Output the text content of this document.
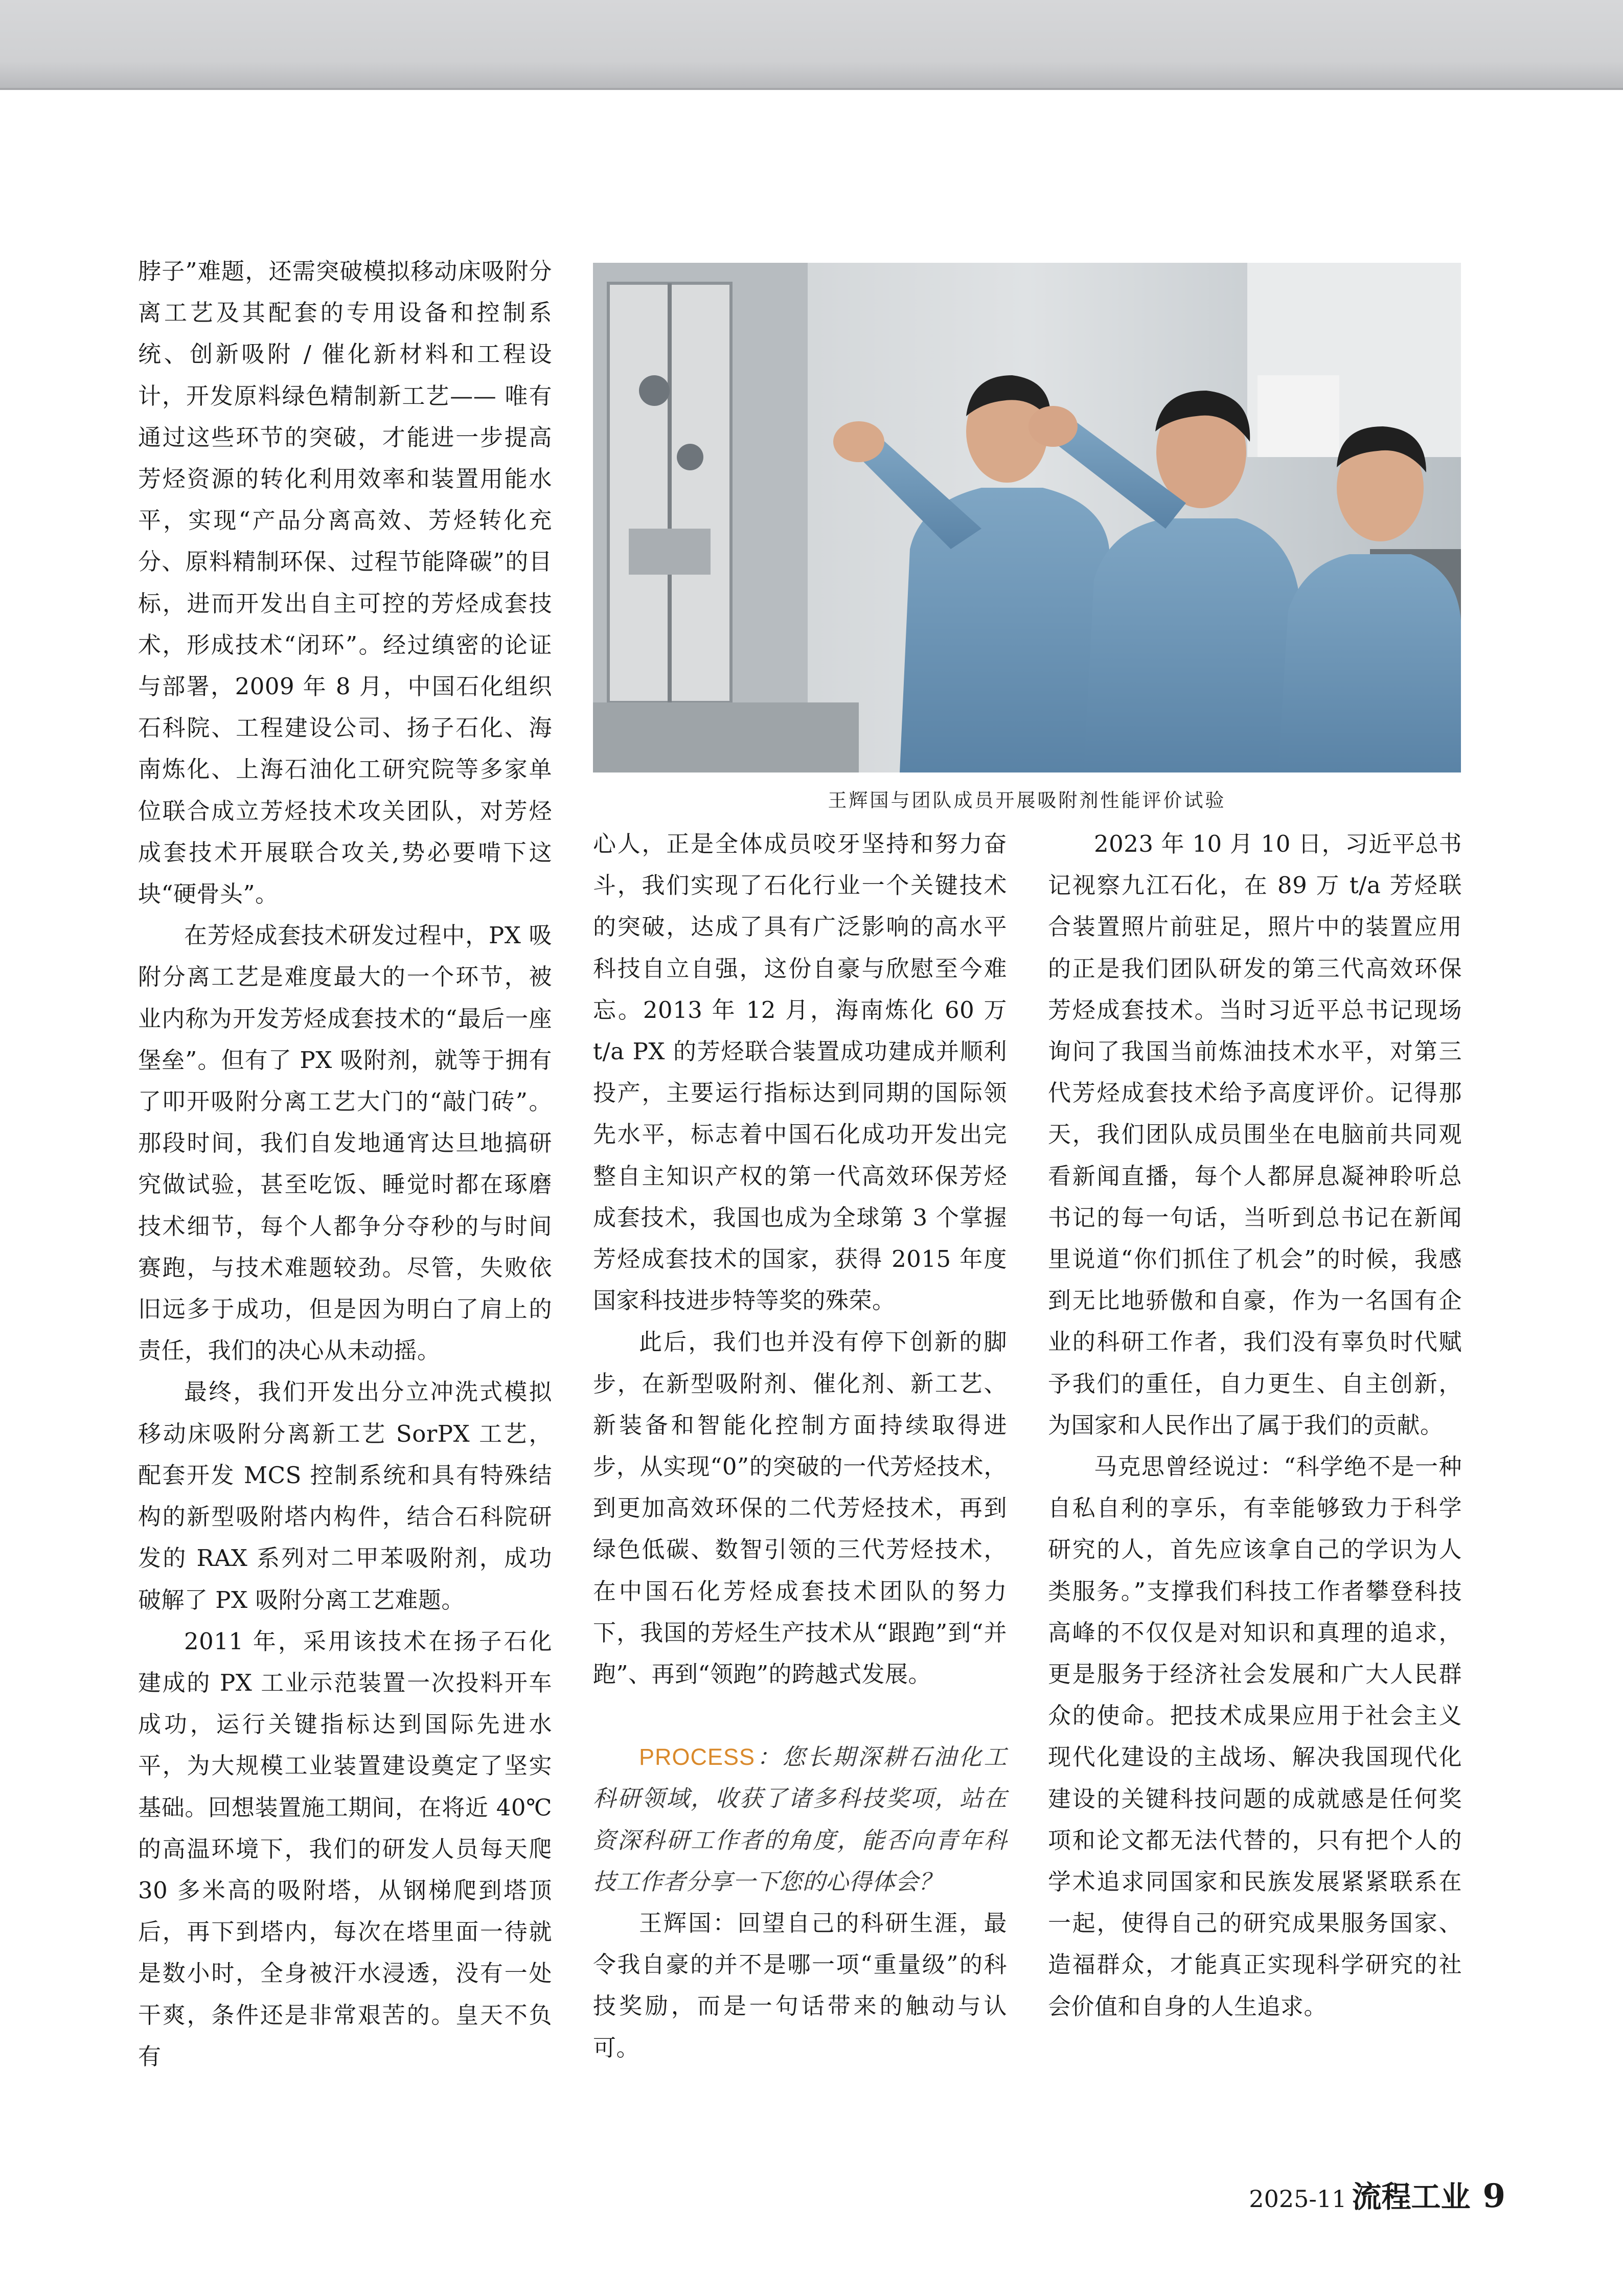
脖子”难题，还需突破模拟移动床吸附分离工艺及其配套的专用设备和控制系统、创新吸附 / 催化新材料和工程设计，开发原料绿色精制新工艺—— 唯有通过这些环节的突破，才能进一步提高芳烃资源的转化利用效率和装置用能水平，实现“产品分离高效、芳烃转化充分、原料精制环保、过程节能降碳”的目标，进而开发出自主可控的芳烃成套技术，形成技术“闭环”。经过缜密的论证与部署，2009 年 8 月，中国石化组织石科院、工程建设公司、扬子石化、海南炼化、上海石油化工研究院等多家单位联合成立芳烃技术攻关团队，对芳烃成套技术开展联合攻关,势必要啃下这块“硬骨头”。

在芳烃成套技术研发过程中，PX 吸附分离工艺是难度最大的一个环节，被业内称为开发芳烃成套技术的“最后一座堡垒”。但有了 PX 吸附剂，就等于拥有了叩开吸附分离工艺大门的“敲门砖”。那段时间，我们自发地通宵达旦地搞研究做试验，甚至吃饭、睡觉时都在琢磨技术细节，每个人都争分夺秒的与时间赛跑，与技术难题较劲。尽管，失败依旧远多于成功，但是因为明白了肩上的责任，我们的决心从未动摇。

最终，我们开发出分立冲洗式模拟移动床吸附分离新工艺 SorPX 工艺，配套开发 MCS 控制系统和具有特殊结构的新型吸附塔内构件，结合石科院研发的 RAX 系列对二甲苯吸附剂，成功破解了 PX 吸附分离工艺难题。

2011 年，采用该技术在扬子石化建成的 PX 工业示范装置一次投料开车成功，运行关键指标达到国际先进水平，为大规模工业装置建设奠定了坚实基础。回想装置施工期间，在将近 40℃的高温环境下，我们的研发人员每天爬 30 多米高的吸附塔，从钢梯爬到塔顶后，再下到塔内，每次在塔里面一待就是数小时，全身被汗水浸透，没有一处干爽，条件还是非常艰苦的。皇天不负有

王辉国与团队成员开展吸附剂性能评价试验

心人，正是全体成员咬牙坚持和努力奋斗，我们实现了石化行业一个关键技术的突破，达成了具有广泛影响的高水平科技自立自强，这份自豪与欣慰至今难忘。2013 年 12 月，海南炼化 60 万 t/a PX 的芳烃联合装置成功建成并顺利投产，主要运行指标达到同期的国际领先水平，标志着中国石化成功开发出完整自主知识产权的第一代高效环保芳烃成套技术，我国也成为全球第 3 个掌握芳烃成套技术的国家，获得 2015 年度国家科技进步特等奖的殊荣。

此后，我们也并没有停下创新的脚步，在新型吸附剂、催化剂、新工艺、新装备和智能化控制方面持续取得进步，从实现“0”的突破的一代芳烃技术，到更加高效环保的二代芳烃技术，再到绿色低碳、数智引领的三代芳烃技术，在中国石化芳烃成套技术团队的努力下，我国的芳烃生产技术从“跟跑”到“并跑”、再到“领跑”的跨越式发展。

PROCESS：您长期深耕石油化工科研领域，收获了诸多科技奖项，站在资深科研工作者的角度，能否向青年科技工作者分享一下您的心得体会？

王辉国：回望自己的科研生涯，最令我自豪的并不是哪一项“重量级”的科技奖励，而是一句话带来的触动与认可。

2023 年 10 月 10 日，习近平总书记视察九江石化，在 89 万 t/a 芳烃联合装置照片前驻足，照片中的装置应用的正是我们团队研发的第三代高效环保芳烃成套技术。当时习近平总书记现场询问了我国当前炼油技术水平，对第三代芳烃成套技术给予高度评价。记得那天，我们团队成员围坐在电脑前共同观看新闻直播，每个人都屏息凝神聆听总书记的每一句话，当听到总书记在新闻里说道“你们抓住了机会”的时候，我感到无比地骄傲和自豪，作为一名国有企业的科研工作者，我们没有辜负时代赋予我们的重任，自力更生、自主创新，为国家和人民作出了属于我们的贡献。

马克思曾经说过：“科学绝不是一种自私自利的享乐，有幸能够致力于科学研究的人，首先应该拿自己的学识为人类服务。”支撑我们科技工作者攀登科技高峰的不仅仅是对知识和真理的追求，更是服务于经济社会发展和广大人民群众的使命。把技术成果应用于社会主义现代化建设的主战场、解决我国现代化建设的关键科技问题的成就感是任何奖项和论文都无法代替的，只有把个人的学术追求同国家和民族发展紧紧联系在一起，使得自己的研究成果服务国家、造福群众，才能真正实现科学研究的社会价值和自身的人生追求。

2025-11 流程工业 9
